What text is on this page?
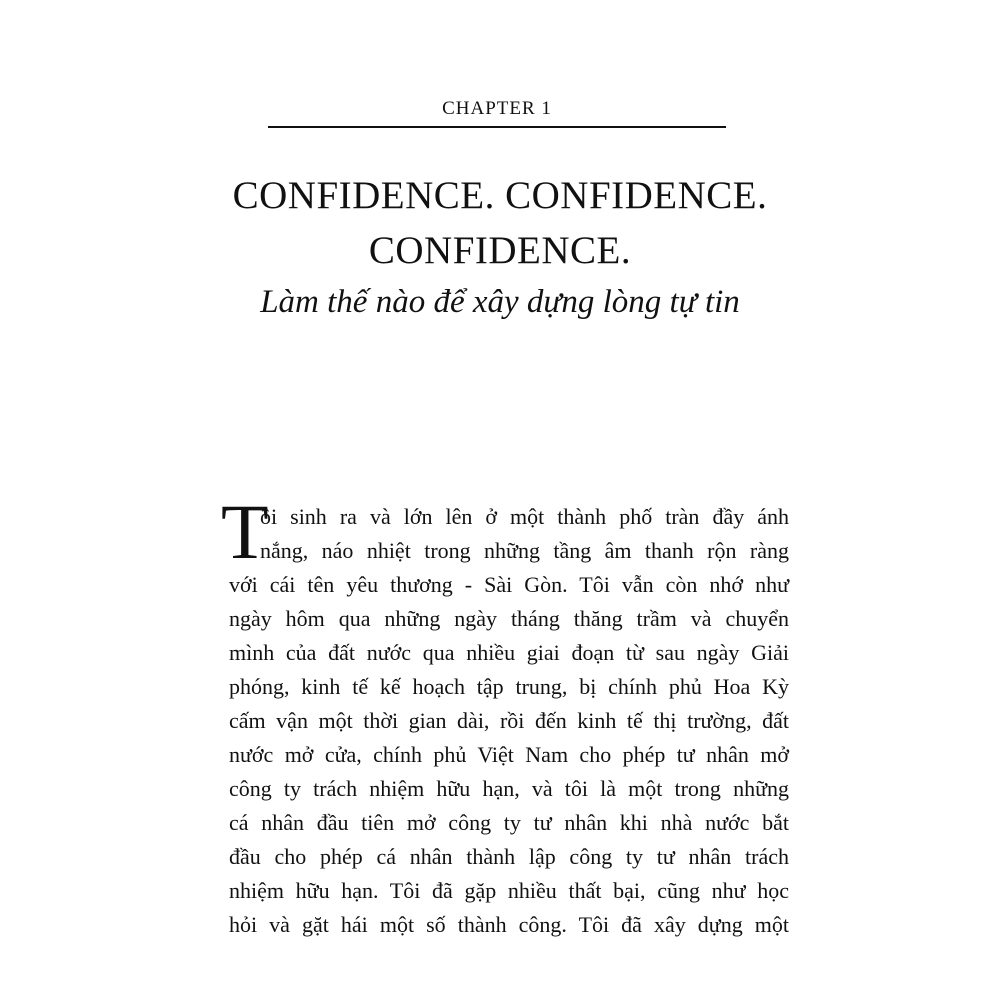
CHAPTER 1
CONFIDENCE. CONFIDENCE.
CONFIDENCE.
Làm thế nào để xây dựng lòng tự tin
T
ôi sinh ra và lớn lên ở một thành phố tràn đầy ánh
nắng, náo nhiệt trong những tầng âm thanh rộn ràng
với cái tên yêu thương - Sài Gòn. Tôi vẫn còn nhớ như
ngày hôm qua những ngày tháng thăng trầm và chuyển
mình của đất nước qua nhiều giai đoạn từ sau ngày Giải
phóng, kinh tế kế hoạch tập trung, bị chính phủ Hoa Kỳ
cấm vận một thời gian dài, rồi đến kinh tế thị trường, đất
nước mở cửa, chính phủ Việt Nam cho phép tư nhân mở
công ty trách nhiệm hữu hạn, và tôi là một trong những
cá nhân đầu tiên mở công ty tư nhân khi nhà nước bắt
đầu cho phép cá nhân thành lập công ty tư nhân trách
nhiệm hữu hạn. Tôi đã gặp nhiều thất bại, cũng như học
hỏi và gặt hái một số thành công. Tôi đã xây dựng một
